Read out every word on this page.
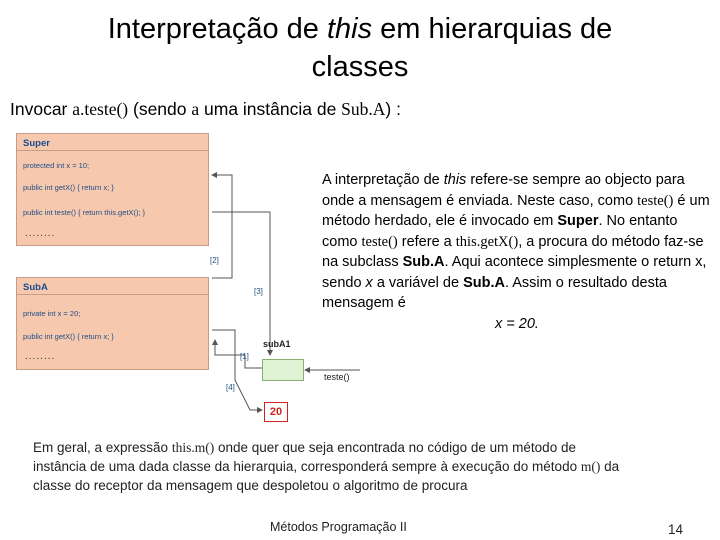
Interpretação de this em hierarquias de
classes
Invocar a.teste() (sendo a uma instância de Sub.A) :
Super
protected int x = 10;
public int getX() { return x; }
public int teste() { return this.getX(); }
........
SubA
private int x = 20;
public int getX() { return x; }
........	[1]
[2]
[3]
[4]
subA1
teste()
20
A interpretação de this refere-se sempre ao objecto para onde a mensagem é enviada. Neste caso, como teste() é um método herdado, ele é invocado em Super. No entanto como teste() refere a this.getX(), a procura do método faz-se na subclass Sub.A. Aqui acontece simplesmente o return x, sendo x a variável de Sub.A. Assim o resultado desta mensagem é
x = 20.
Em geral, a expressão this.m() onde quer que seja encontrada no código de um método de instância de uma dada classe da hierarquia, corresponderá sempre à execução do método m() da classe do receptor da mensagem que despoletou o algoritmo de procura
Métodos Programação II	14
